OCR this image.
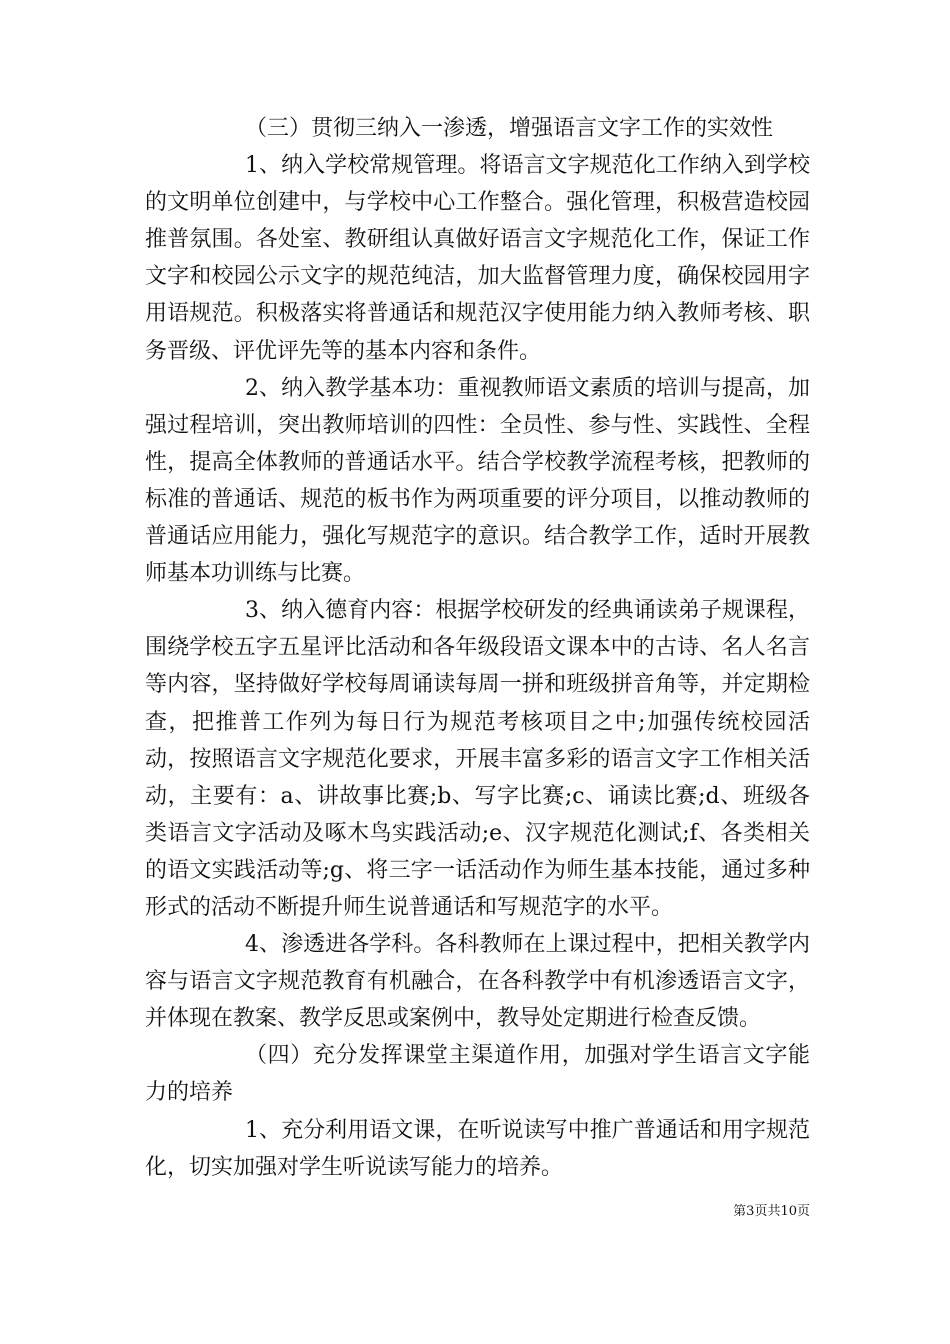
（三）贯彻三纳入一渗透，增强语言文字工作的实效性

1、纳入学校常规管理。将语言文字规范化工作纳入到学校的文明单位创建中，与学校中心工作整合。强化管理，积极营造校园推普氛围。各处室、教研组认真做好语言文字规范化工作，保证工作文字和校园公示文字的规范纯洁，加大监督管理力度，确保校园用字用语规范。积极落实将普通话和规范汉字使用能力纳入教师考核、职务晋级、评优评先等的基本内容和条件。

2、纳入教学基本功：重视教师语文素质的培训与提高，加强过程培训，突出教师培训的四性：全员性、参与性、实践性、全程性，提高全体教师的普通话水平。结合学校教学流程考核，把教师的标准的普通话、规范的板书作为两项重要的评分项目，以推动教师的普通话应用能力，强化写规范字的意识。结合教学工作，适时开展教师基本功训练与比赛。

3、纳入德育内容：根据学校研发的经典诵读弟子规课程，围绕学校五字五星评比活动和各年级段语文课本中的古诗、名人名言等内容，坚持做好学校每周诵读每周一拼和班级拼音角等，并定期检查，把推普工作列为每日行为规范考核项目之中;加强传统校园活动，按照语言文字规范化要求，开展丰富多彩的语言文字工作相关活动，主要有：a、讲故事比赛;b、写字比赛;c、诵读比赛;d、班级各类语言文字活动及啄木鸟实践活动;e、汉字规范化测试;f、各类相关的语文实践活动等;g、将三字一话活动作为师生基本技能，通过多种形式的活动不断提升师生说普通话和写规范字的水平。

4、渗透进各学科。各科教师在上课过程中，把相关教学内容与语言文字规范教育有机融合，在各科教学中有机渗透语言文字，并体现在教案、教学反思或案例中，教导处定期进行检查反馈。

（四）充分发挥课堂主渠道作用，加强对学生语言文字能力的培养

1、充分利用语文课，在听说读写中推广普通话和用字规范化，切实加强对学生听说读写能力的培养。

第3页共10页
